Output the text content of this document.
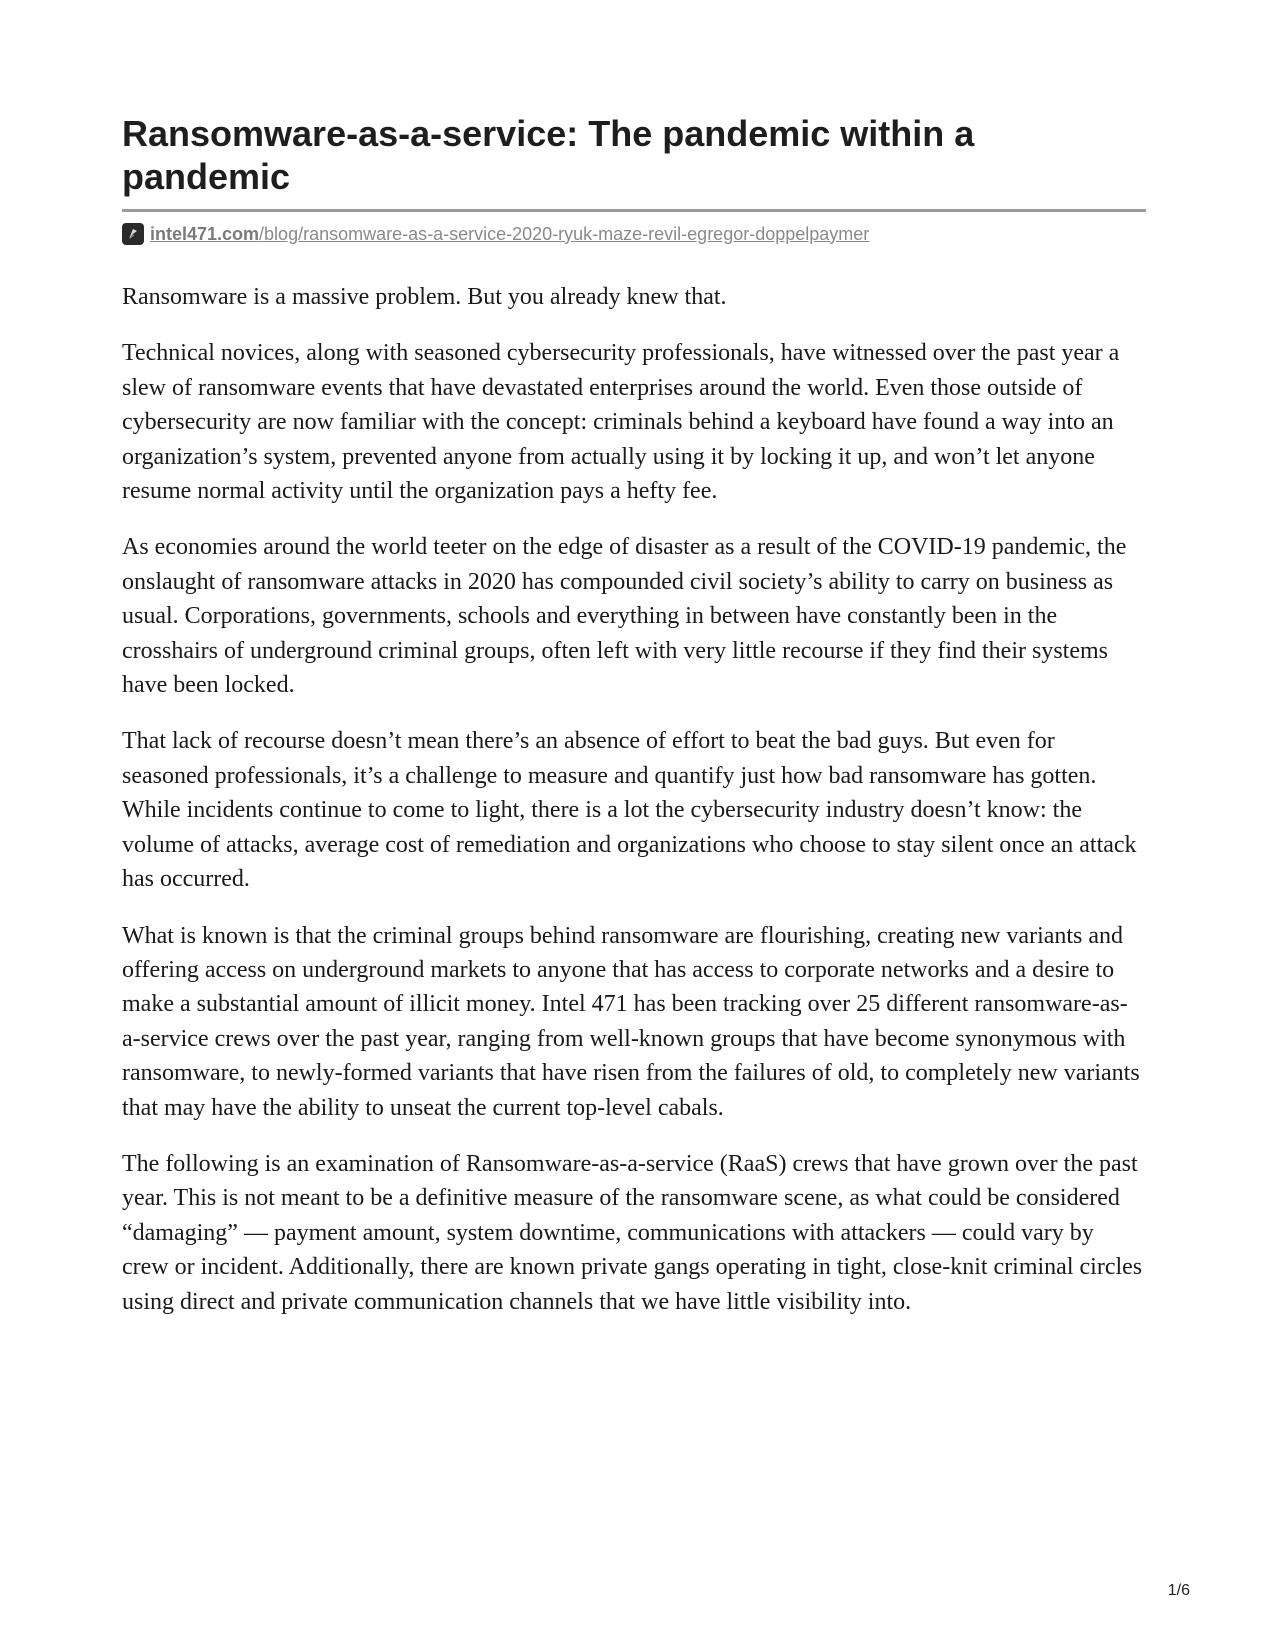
Ransomware-as-a-service: The pandemic within a pandemic
intel471.com/blog/ransomware-as-a-service-2020-ryuk-maze-revil-egregor-doppelpaymer

Ransomware is a massive problem. But you already knew that.

Technical novices, along with seasoned cybersecurity professionals, have witnessed over the past year a slew of ransomware events that have devastated enterprises around the world. Even those outside of cybersecurity are now familiar with the concept: criminals behind a keyboard have found a way into an organization’s system, prevented anyone from actually using it by locking it up, and won’t let anyone resume normal activity until the organization pays a hefty fee.

As economies around the world teeter on the edge of disaster as a result of the COVID-19 pandemic, the onslaught of ransomware attacks in 2020 has compounded civil society’s ability to carry on business as usual. Corporations, governments, schools and everything in between have constantly been in the crosshairs of underground criminal groups, often left with very little recourse if they find their systems have been locked.

That lack of recourse doesn’t mean there’s an absence of effort to beat the bad guys. But even for seasoned professionals, it’s a challenge to measure and quantify just how bad ransomware has gotten. While incidents continue to come to light, there is a lot the cybersecurity industry doesn’t know: the volume of attacks, average cost of remediation and organizations who choose to stay silent once an attack has occurred.

What is known is that the criminal groups behind ransomware are flourishing, creating new variants and offering access on underground markets to anyone that has access to corporate networks and a desire to make a substantial amount of illicit money. Intel 471 has been tracking over 25 different ransomware-as-a-service crews over the past year, ranging from well-known groups that have become synonymous with ransomware, to newly-formed variants that have risen from the failures of old, to completely new variants that may have the ability to unseat the current top-level cabals.

The following is an examination of Ransomware-as-a-service (RaaS) crews that have grown over the past year. This is not meant to be a definitive measure of the ransomware scene, as what could be considered “damaging” — payment amount, system downtime, communications with attackers — could vary by crew or incident. Additionally, there are known private gangs operating in tight, close-knit criminal circles using direct and private communication channels that we have little visibility into.

1/6
